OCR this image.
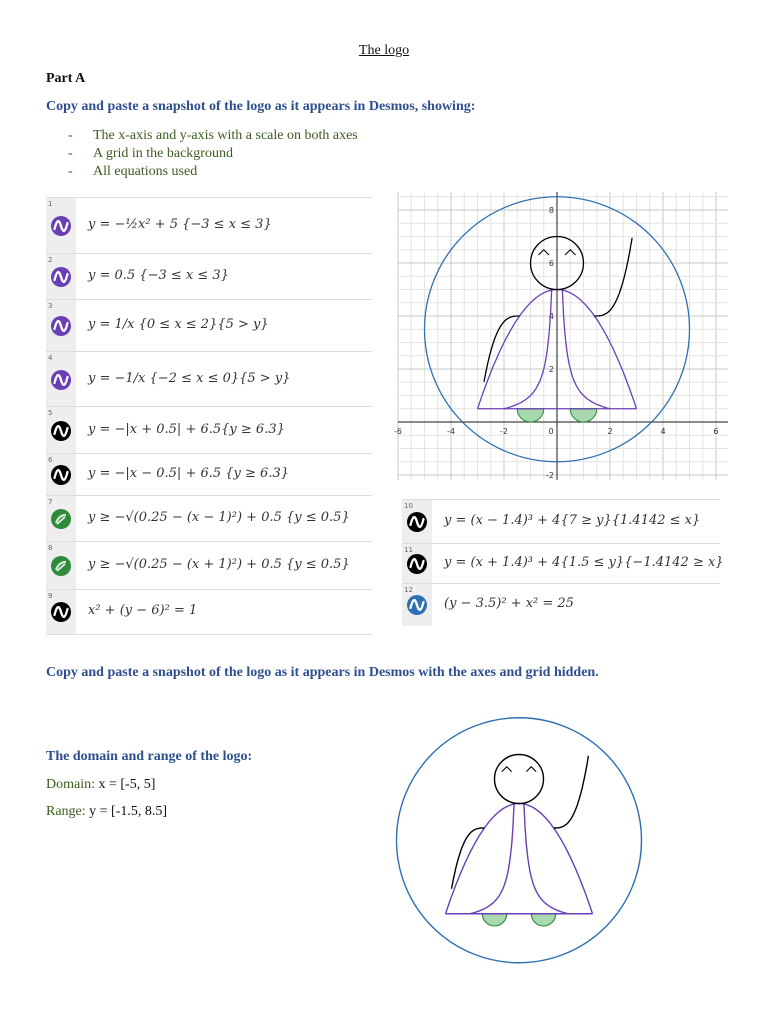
The logo
Part A
Copy and paste a snapshot of the logo as it appears in Desmos, showing:
-	The x-axis and y-axis with a scale on both axes
-	A grid in the background
-	All equations used
1
y = −½x² + 5 {−3 ≤ x ≤ 3}
2
y = 0.5 {−3 ≤ x ≤ 3}
3
y = 1/x {0 ≤ x ≤ 2}{5 > y}
4
y = −1/x {−2 ≤ x ≤ 0}{5 > y}
5
y = −|x + 0.5| + 6.5{y ≥ 6.3}
6
y = −|x − 0.5| + 6.5 {y ≥ 6.3}
7
y ≥ −√(0.25 − (x − 1)²) + 0.5 {y ≤ 0.5}
8
y ≥ −√(0.25 − (x + 1)²) + 0.5 {y ≤ 0.5}
9
x² + (y − 6)² = 1
-6	-4	-2	0	2	4	6
8
6
4
2
-2
10
y = (x − 1.4)³ + 4{7 ≥ y}{1.4142 ≤ x}
11
y = (x + 1.4)³ + 4{1.5 ≤ y}{−1.4142 ≥ x}
12
(y − 3.5)² + x² = 25
Copy and paste a snapshot of the logo as it appears in Desmos with the axes and grid hidden.
The domain and range of the logo:
Domain: x = [-5, 5]
Range: y = [-1.5, 8.5]
